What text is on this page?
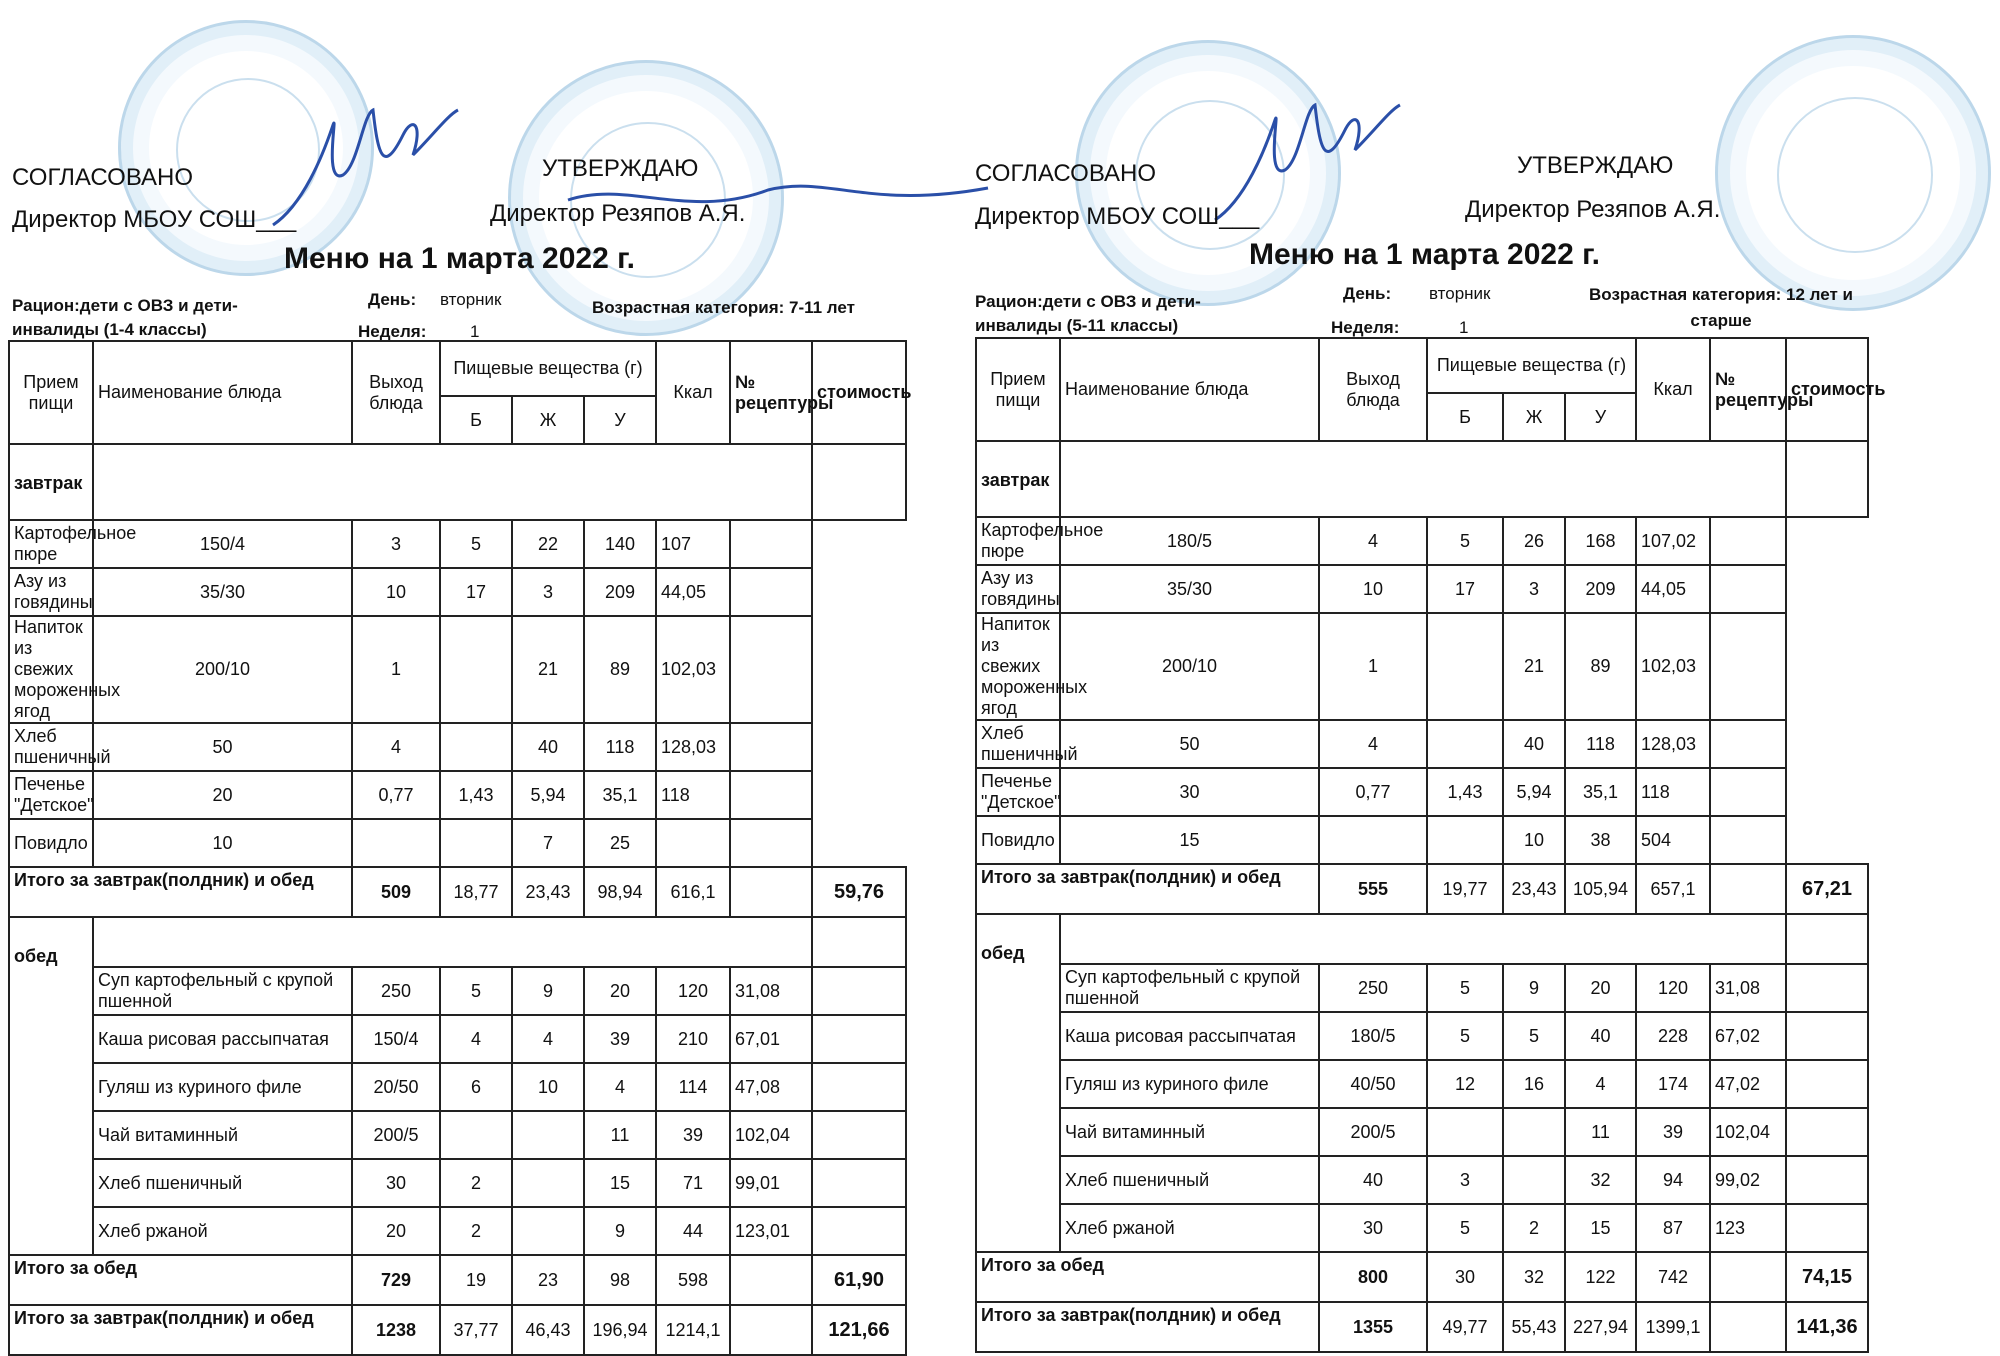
СОГЛАСОВАНО
Директор МБОУ СОШ___
УТВЕРЖДАЮ
Директор Резяпов А.Я.
Меню на 1 марта 2022 г.
Рацион:дети с ОВЗ и дети-инвалиды (1-4 классы)
День: вторник
Неделя:	1
Возрастная категория: 7-11 лет
Прием пищи	Наименование блюда	Выход блюда	Пищевые вещества (г)			Ккал	№ рецептуры	стоимость
			Б	Ж	У			
завтрак								
Картофельное пюре	150/4	3	5	22	140	107		
Азу из говядины	35/30	10	17	3	209	44,05		
Напиток из свежих мороженных ягод	200/10	1		21	89	102,03		
Хлеб пшеничный	50	4		40	118	128,03		
Печенье "Детское"	20	0,77	1,43	5,94	35,1	118		
Повидло	10			7	25			
Итого за завтрак(полдник) и обед		509	18,77	23,43	98,94	616,1		59,76
обед								
	Суп картофельный с крупой пшенной	250	5	9	20	120	31,08	
	Каша рисовая рассыпчатая	150/4	4	4	39	210	67,01	
	Гуляш из куриного филе	20/50	6	10	4	114	47,08	
	Чай витаминный	200/5			11	39	102,04	
	Хлеб пшеничный	30	2		15	71	99,01	
	Хлеб ржаной	20	2		9	44	123,01	
Итого за обед		729	19	23	98	598		61,90
Итого за завтрак(полдник) и обед		1238	37,77	46,43	196,94	1214,1		121,66
СОГЛАСОВАНО
Директор МБОУ СОШ___
УТВЕРЖДАЮ
Директор Резяпов А.Я.
Меню на 1 марта 2022 г.
Рацион:дети с ОВЗ и дети-инвалиды (5-11 классы)
День: вторник
Неделя:	1
Возрастная категория: 12 лет и старше
Прием пищи	Наименование блюда	Выход блюда	Пищевые вещества (г)			Ккал	№ рецептуры	стоимость
			Б	Ж	У			
завтрак								
Картофельное пюре	180/5	4	5	26	168	107,02		
Азу из говядины	35/30	10	17	3	209	44,05		
Напиток из свежих мороженных ягод	200/10	1		21	89	102,03		
Хлеб пшеничный	50	4		40	118	128,03		
Печенье "Детское"	30	0,77	1,43	5,94	35,1	118		
Повидло	15			10	38	504		
Итого за завтрак(полдник) и обед		555	19,77	23,43	105,94	657,1		67,21
обед								
	Суп картофельный с крупой пшенной	250	5	9	20	120	31,08	
	Каша рисовая рассыпчатая	180/5	5	5	40	228	67,02	
	Гуляш из куриного филе	40/50	12	16	4	174	47,02	
	Чай витаминный	200/5			11	39	102,04	
	Хлеб пшеничный	40	3		32	94	99,02	
	Хлеб ржаной	30	5	2	15	87	123	
Итого за обед		800	30	32	122	742		74,15
Итого за завтрак(полдник) и обед		1355	49,77	55,43	227,94	1399,1		141,36
